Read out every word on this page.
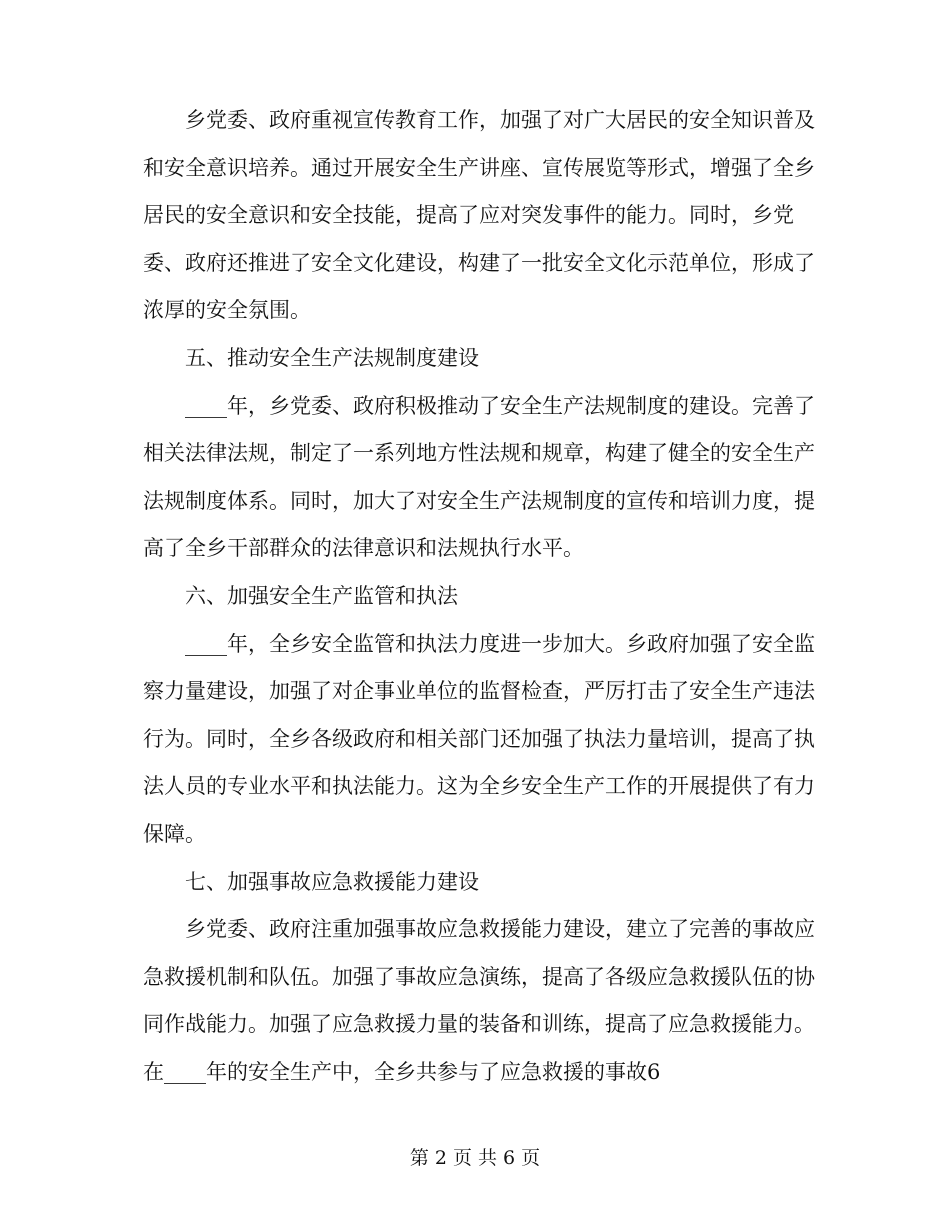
乡党委、政府重视宣传教育工作，加强了对广大居民的安全知识普及和安全意识培养。通过开展安全生产讲座、宣传展览等形式，增强了全乡居民的安全意识和安全技能，提高了应对突发事件的能力。同时，乡党委、政府还推进了安全文化建设，构建了一批安全文化示范单位，形成了浓厚的安全氛围。

五、推动安全生产法规制度建设

____年，乡党委、政府积极推动了安全生产法规制度的建设。完善了相关法律法规，制定了一系列地方性法规和规章，构建了健全的安全生产法规制度体系。同时，加大了对安全生产法规制度的宣传和培训力度，提高了全乡干部群众的法律意识和法规执行水平。

六、加强安全生产监管和执法

____年，全乡安全监管和执法力度进一步加大。乡政府加强了安全监察力量建设，加强了对企事业单位的监督检查，严厉打击了安全生产违法行为。同时，全乡各级政府和相关部门还加强了执法力量培训，提高了执法人员的专业水平和执法能力。这为全乡安全生产工作的开展提供了有力保障。

七、加强事故应急救援能力建设

乡党委、政府注重加强事故应急救援能力建设，建立了完善的事故应急救援机制和队伍。加强了事故应急演练，提高了各级应急救援队伍的协同作战能力。加强了应急救援力量的装备和训练，提高了应急救援能力。在____年的安全生产中，全乡共参与了应急救援的事故6

第 2 页 共 6 页
